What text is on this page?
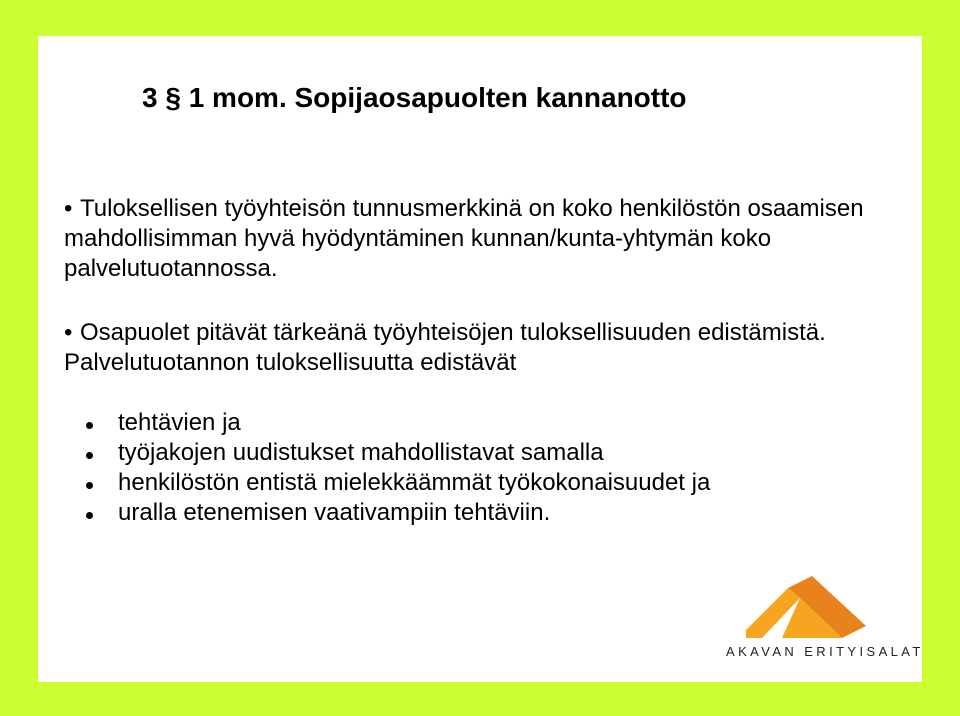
3 § 1 mom. Sopijaosapuolten kannanotto

• Tuloksellisen työyhteisön tunnusmerkkinä on koko henkilöstön osaamisen mahdollisimman hyvä hyödyntäminen kunnan/kunta-yhtymän koko palvelutuotannossa.

• Osapuolet pitävät tärkeänä työyhteisöjen tuloksellisuuden edistämistä. Palvelutuotannon tuloksellisuutta edistävät

tehtävien ja
työjakojen uudistukset mahdollistavat samalla
henkilöstön entistä mielekkäämmät työkokonaisuudet ja
uralla etenemisen vaativampiin tehtäviin.
AKAVAN ERITYISALAT
